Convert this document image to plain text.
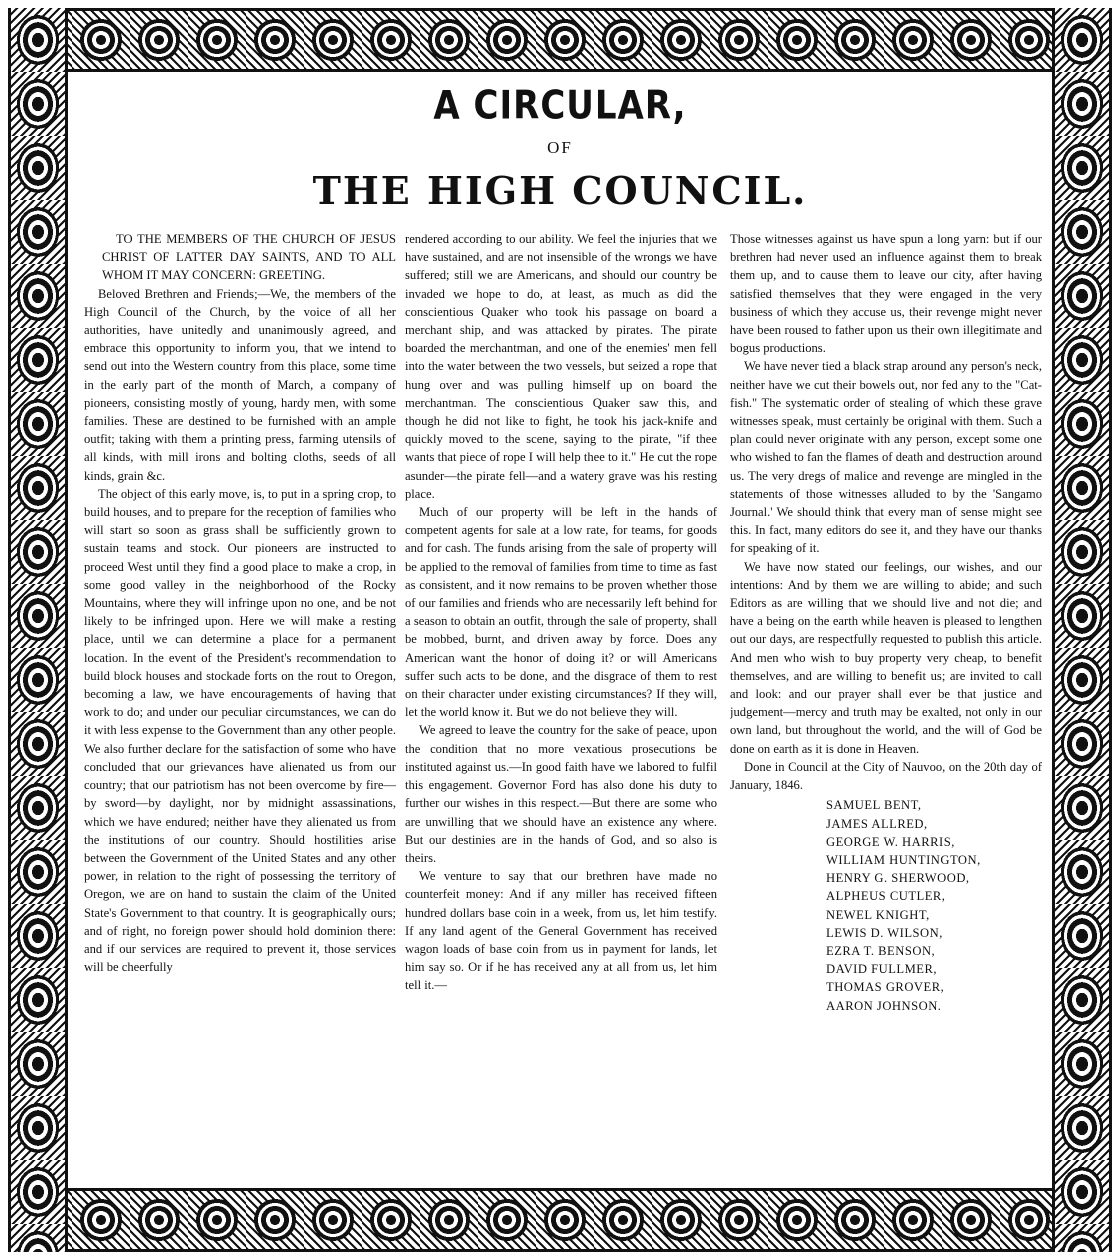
A CIRCULAR,
OF
THE HIGH COUNCIL.

TO THE MEMBERS OF THE CHURCH OF JESUS CHRIST OF LATTER DAY SAINTS, AND TO ALL WHOM IT MAY CONCERN: GREETING.

Beloved Brethren and Friends;—We, the members of the High Council of the Church, by the voice of all her authorities, have unitedly and unanimously agreed, and embrace this opportunity to inform you, that we intend to send out into the Western country from this place, some time in the early part of the month of March, a company of pioneers, consisting mostly of young, hardy men, with some families. These are destined to be furnished with an ample outfit; taking with them a printing press, farming utensils of all kinds, with mill irons and bolting cloths, seeds of all kinds, grain &c.

The object of this early move, is, to put in a spring crop, to build houses, and to prepare for the reception of families who will start so soon as grass shall be sufficiently grown to sustain teams and stock. Our pioneers are instructed to proceed West until they find a good place to make a crop, in some good valley in the neighborhood of the Rocky Mountains, where they will infringe upon no one, and be not likely to be infringed upon. Here we will make a resting place, until we can determine a place for a permanent location. In the event of the President's recommendation to build block houses and stockade forts on the rout to Oregon, becoming a law, we have encouragements of having that work to do; and under our peculiar circumstances, we can do it with less expense to the Government than any other people. We also further declare for the satisfaction of some who have concluded that our grievances have alienated us from our country; that our patriotism has not been overcome by fire—by sword—by daylight, nor by midnight assassinations, which we have endured; neither have they alienated us from the institutions of our country. Should hostilities arise between the Government of the United States and any other power, in relation to the right of possessing the territory of Oregon, we are on hand to sustain the claim of the United State's Government to that country. It is geographically ours; and of right, no foreign power should hold dominion there: and if our services are required to prevent it, those services will be cheerfully

rendered according to our ability. We feel the injuries that we have sustained, and are not insensible of the wrongs we have suffered; still we are Americans, and should our country be invaded we hope to do, at least, as much as did the conscientious Quaker who took his passage on board a merchant ship, and was attacked by pirates. The pirate boarded the merchantman, and one of the enemies' men fell into the water between the two vessels, but seized a rope that hung over and was pulling himself up on board the merchantman. The conscientious Quaker saw this, and though he did not like to fight, he took his jack-knife and quickly moved to the scene, saying to the pirate, "if thee wants that piece of rope I will help thee to it." He cut the rope asunder—the pirate fell—and a watery grave was his resting place.

Much of our property will be left in the hands of competent agents for sale at a low rate, for teams, for goods and for cash. The funds arising from the sale of property will be applied to the removal of families from time to time as fast as consistent, and it now remains to be proven whether those of our families and friends who are necessarily left behind for a season to obtain an outfit, through the sale of property, shall be mobbed, burnt, and driven away by force. Does any American want the honor of doing it? or will Americans suffer such acts to be done, and the disgrace of them to rest on their character under existing circumstances? If they will, let the world know it. But we do not believe they will.

We agreed to leave the country for the sake of peace, upon the condition that no more vexatious prosecutions be instituted against us.—In good faith have we labored to fulfil this engagement. Governor Ford has also done his duty to further our wishes in this respect.—But there are some who are unwilling that we should have an existence any where. But our destinies are in the hands of God, and so also is theirs.

We venture to say that our brethren have made no counterfeit money: And if any miller has received fifteen hundred dollars base coin in a week, from us, let him testify. If any land agent of the General Government has received wagon loads of base coin from us in payment for lands, let him say so. Or if he has received any at all from us, let him tell it.—

Those witnesses against us have spun a long yarn: but if our brethren had never used an influence against them to break them up, and to cause them to leave our city, after having satisfied themselves that they were engaged in the very business of which they accuse us, their revenge might never have been roused to father upon us their own illegitimate and bogus productions.

We have never tied a black strap around any person's neck, neither have we cut their bowels out, nor fed any to the "Cat-fish." The systematic order of stealing of which these grave witnesses speak, must certainly be original with them. Such a plan could never originate with any person, except some one who wished to fan the flames of death and destruction around us. The very dregs of malice and revenge are mingled in the statements of those witnesses alluded to by the 'Sangamo Journal.' We should think that every man of sense might see this. In fact, many editors do see it, and they have our thanks for speaking of it.

We have now stated our feelings, our wishes, and our intentions: And by them we are willing to abide; and such Editors as are willing that we should live and not die; and have a being on the earth while heaven is pleased to lengthen out our days, are respectfully requested to publish this article. And men who wish to buy property very cheap, to benefit themselves, and are willing to benefit us; are invited to call and look: and our prayer shall ever be that justice and judgement—mercy and truth may be exalted, not only in our own land, but throughout the world, and the will of God be done on earth as it is done in Heaven.

Done in Council at the City of Nauvoo, on the 20th day of January, 1846.

SAMUEL BENT,
JAMES ALLRED,
GEORGE W. HARRIS,
WILLIAM HUNTINGTON,
HENRY G. SHERWOOD,
ALPHEUS CUTLER,
NEWEL KNIGHT,
LEWIS D. WILSON,
EZRA T. BENSON,
DAVID FULLMER,
THOMAS GROVER,
AARON JOHNSON.
